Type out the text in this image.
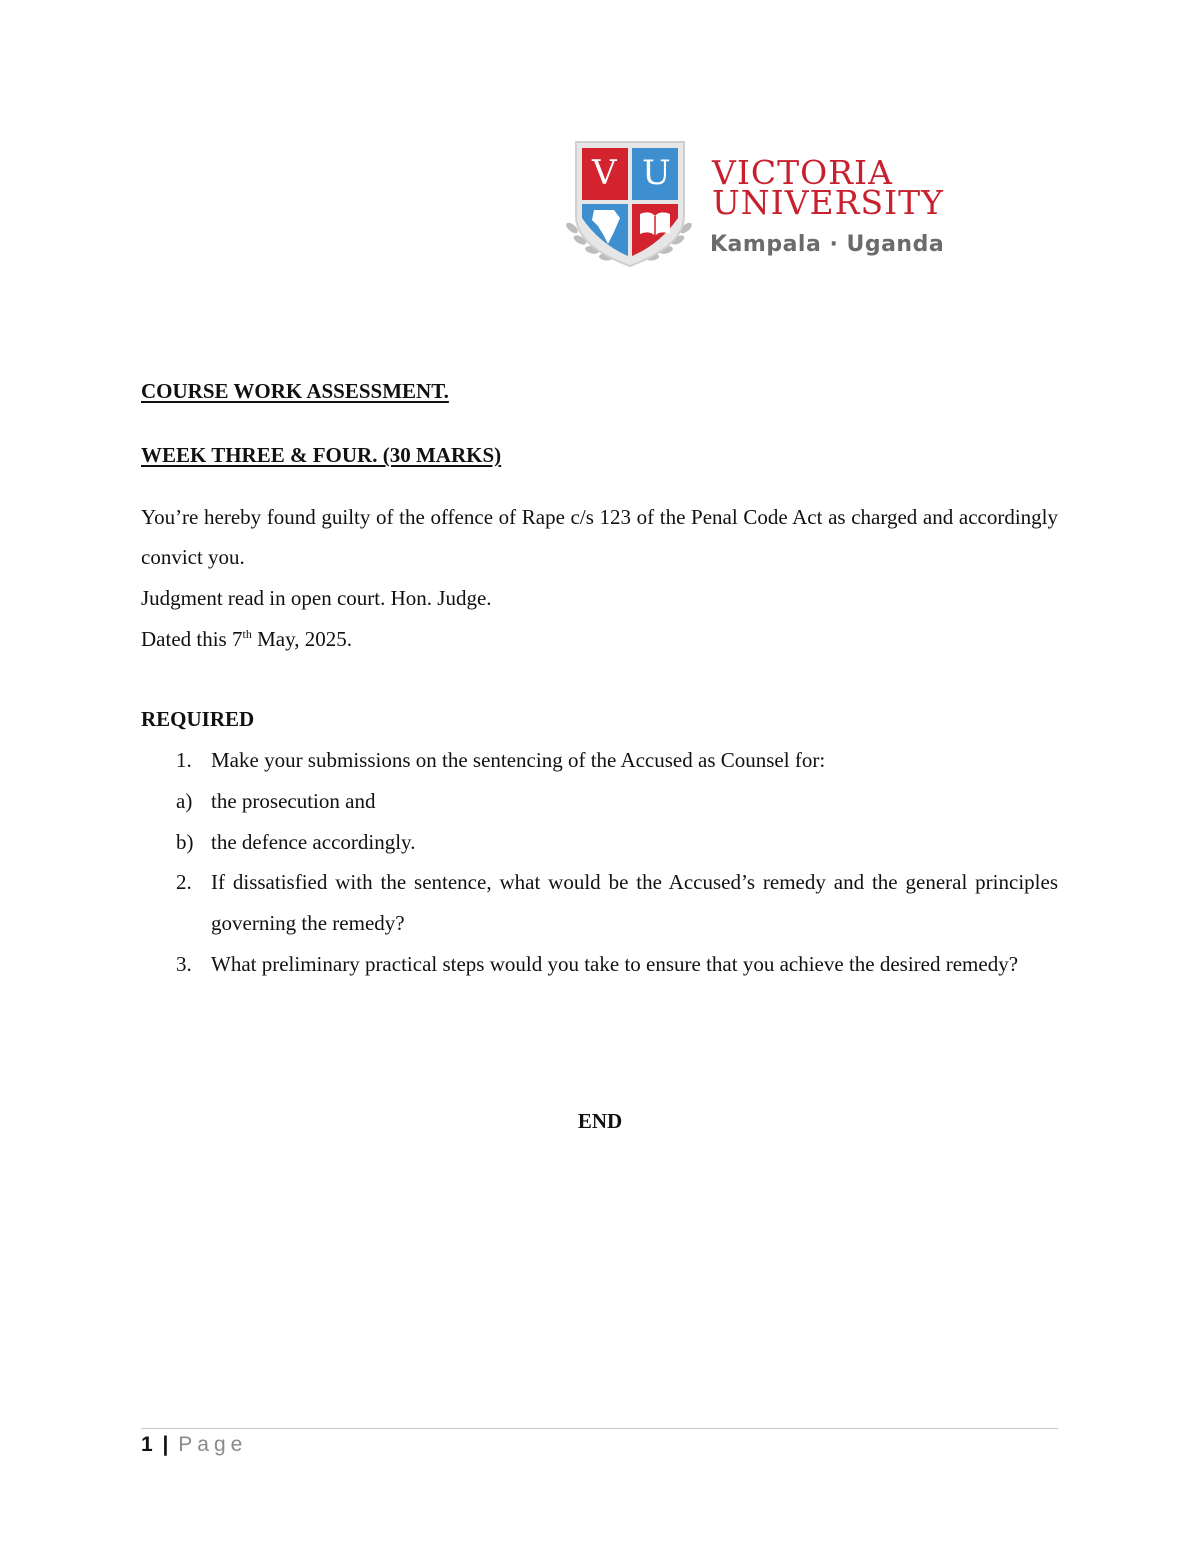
V U VICTORIA
UNIVERSITY
Kampala · Uganda
COURSE WORK ASSESSMENT.
WEEK THREE & FOUR. (30 MARKS)
You’re hereby found guilty of the offence of Rape c/s 123 of the Penal Code Act as charged and accordingly convict you.
Judgment read in open court. Hon. Judge.
Dated this 7th May, 2025.
REQUIRED
1. Make your submissions on the sentencing of the Accused as Counsel for:
a) the prosecution and
b) the defence accordingly.
2. If dissatisfied with the sentence, what would be the Accused’s remedy and the general principles governing the remedy?
3. What preliminary practical steps would you take to ensure that you achieve the desired remedy?
END
1 | Page
